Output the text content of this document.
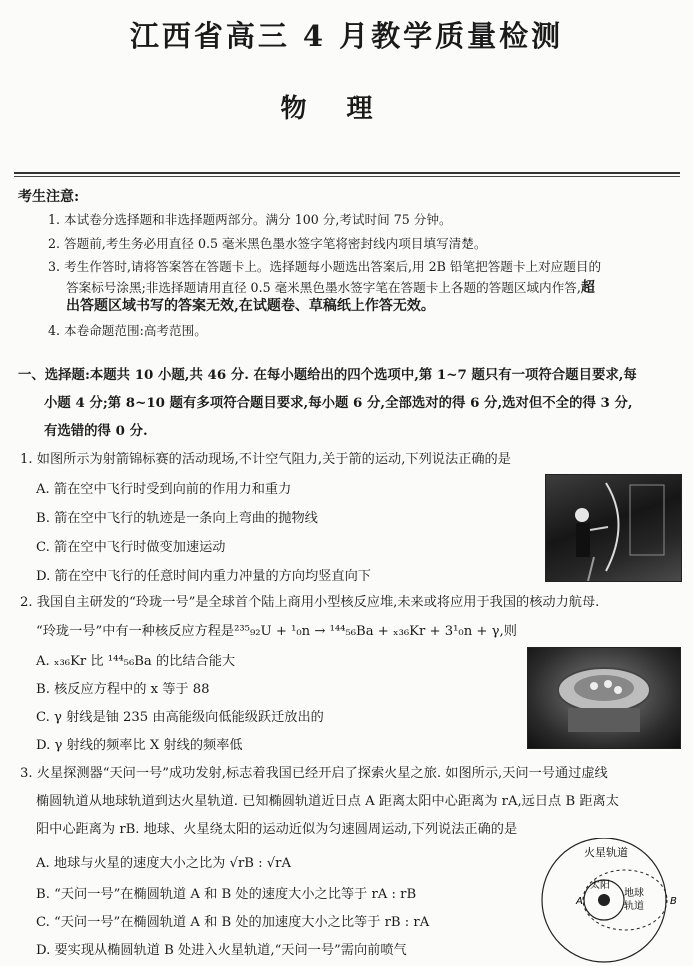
江西省高三 4 月教学质量检测
物理
考生注意:
1. 本试卷分选择题和非选择题两部分。满分 100 分,考试时间 75 分钟。
2. 答题前,考生务必用直径 0.5 毫米黑色墨水签字笔将密封线内项目填写清楚。
3. 考生作答时,请将答案答在答题卡上。选择题每小题选出答案后,用 2B 铅笔把答题卡上对应题目的
答案标号涂黑;非选择题请用直径 0.5 毫米黑色墨水签字笔在答题卡上各题的答题区域内作答,超
出答题区域书写的答案无效,在试题卷、草稿纸上作答无效。
4. 本卷命题范围:高考范围。
一、选择题:本题共 10 小题,共 46 分. 在每小题给出的四个选项中,第 1~7 题只有一项符合题目要求,每
小题 4 分;第 8~10 题有多项符合题目要求,每小题 6 分,全部选对的得 6 分,选对但不全的得 3 分,
有选错的得 0 分.
1. 如图所示为射箭锦标赛的活动现场,不计空气阻力,关于箭的运动,下列说法正确的是
A. 箭在空中飞行时受到向前的作用力和重力
B. 箭在空中飞行的轨迹是一条向上弯曲的抛物线
C. 箭在空中飞行时做变加速运动
D. 箭在空中飞行的任意时间内重力冲量的方向均竖直向下
2. 我国自主研发的“玲珑一号”是全球首个陆上商用小型核反应堆,未来或将应用于我国的核动力航母.
“玲珑一号”中有一种核反应方程是²³⁵₉₂U + ¹₀n → ¹⁴⁴₅₆Ba + ₓ₃₆Kr + 3¹₀n + γ,则
A. ₓ₃₆Kr 比 ¹⁴⁴₅₆Ba 的比结合能大
B. 核反应方程中的 x 等于 88
C. γ 射线是铀 235 由高能级向低能级跃迁放出的
D. γ 射线的频率比 X 射线的频率低
3. 火星探测器“天问一号”成功发射,标志着我国已经开启了探索火星之旅. 如图所示,天问一号通过虚线
椭圆轨道从地球轨道到达火星轨道. 已知椭圆轨道近日点 A 距离太阳中心距离为 rA,远日点 B 距离太
阳中心距离为 rB. 地球、火星绕太阳的运动近似为匀速圆周运动,下列说法正确的是
A. 地球与火星的速度大小之比为 √rB : √rA
B. “天问一号”在椭圆轨道 A 和 B 处的速度大小之比等于 rA : rB
C. “天问一号”在椭圆轨道 A 和 B 处的加速度大小之比等于 rB : rA
D. 要实现从椭圆轨道 B 处进入火星轨道,“天问一号”需向前喷气
火星轨道
太阳
地球
轨道
A	B
